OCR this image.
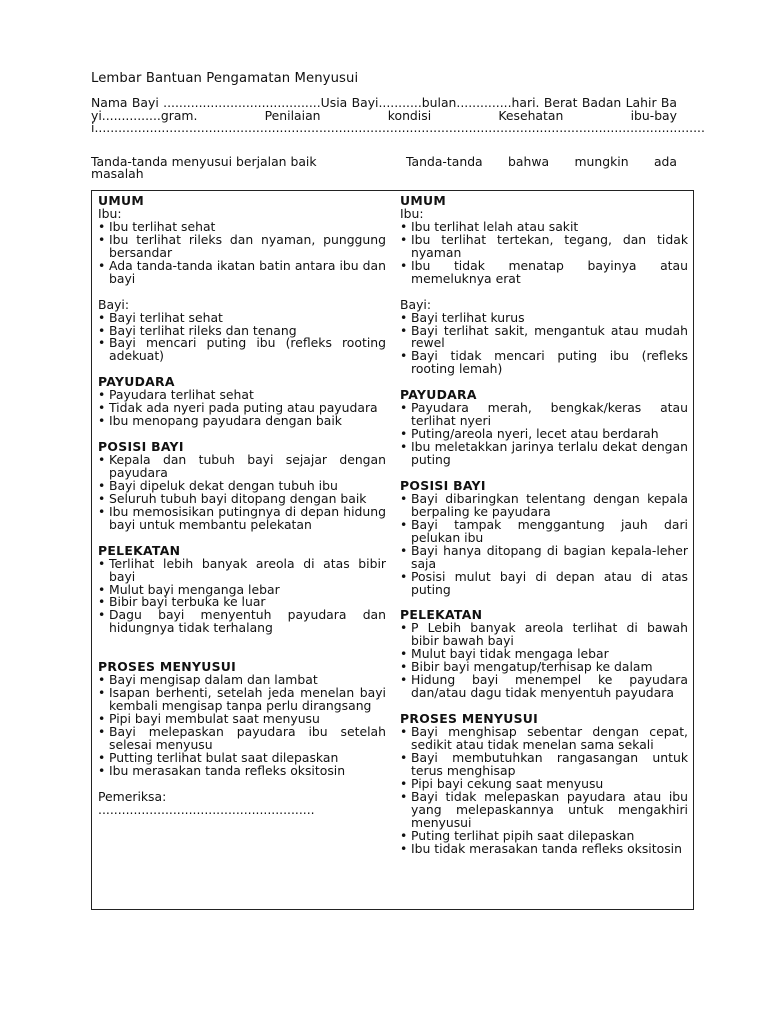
Lembar Bantuan Pengamatan Menyusui
Nama Bayi ........................................Usia Bayi...........bulan..............hari. Berat Badan Lahir Bayi...............gram. Penilaian kondisi Kesehatan ibu-bayi...........................................................................................................................................................
Tanda-tanda menyusui berjalan baik	Tanda-tanda bahwa mungkin ada
masalah
UMUM
Ibu:
• Ibu terlihat sehat
• Ibu terlihat rileks dan nyaman, punggung bersandar
• Ada tanda-tanda ikatan batin antara ibu dan bayi
Bayi:
• Bayi terlihat sehat
• Bayi terlihat rileks dan tenang
• Bayi mencari puting ibu (refleks rooting adekuat)
PAYUDARA
• Payudara terlihat sehat
• Tidak ada nyeri pada puting atau payudara
• Ibu menopang payudara dengan baik
POSISI BAYI
• Kepala dan tubuh bayi sejajar dengan payudara
• Bayi dipeluk dekat dengan tubuh ibu
• Seluruh tubuh bayi ditopang dengan baik
• Ibu memosisikan putingnya di depan hidung bayi untuk membantu pelekatan
PELEKATAN
• Terlihat lebih banyak areola di atas bibir bayi
• Mulut bayi menganga lebar
• Bibir bayi terbuka ke luar
• Dagu bayi menyentuh payudara dan hidungnya tidak terhalang
PROSES MENYUSUI
• Bayi mengisap dalam dan lambat
• Isapan berhenti, setelah jeda menelan bayi kembali mengisap tanpa perlu dirangsang
• Pipi bayi membulat saat menyusu
• Bayi melepaskan payudara ibu setelah selesai menyusu
• Putting terlihat bulat saat dilepaskan
• Ibu merasakan tanda refleks oksitosin
Pemeriksa:
.......................................................
UMUM
Ibu:
• Ibu terlihat lelah atau sakit
• Ibu terlihat tertekan, tegang, dan tidak nyaman
• Ibu tidak menatap bayinya atau memeluknya erat
Bayi:
• Bayi terlihat kurus
• Bayi terlihat sakit, mengantuk atau mudah rewel
• Bayi tidak mencari puting ibu (refleks rooting lemah)
PAYUDARA
• Payudara merah, bengkak/keras atau terlihat nyeri
• Puting/areola nyeri, lecet atau berdarah
• Ibu meletakkan jarinya terlalu dekat dengan puting
POSISI BAYI
• Bayi dibaringkan telentang dengan kepala berpaling ke payudara
• Bayi tampak menggantung jauh dari pelukan ibu
• Bayi hanya ditopang di bagian kepala-leher saja
• Posisi mulut bayi di depan atau di atas puting
PELEKATAN
• P Lebih banyak areola terlihat di bawah bibir bawah bayi
• Mulut bayi tidak mengaga lebar
• Bibir bayi mengatup/terhisap ke dalam
• Hidung bayi menempel ke payudara dan/atau dagu tidak menyentuh payudara
PROSES MENYUSUI
• Bayi menghisap sebentar dengan cepat, sedikit atau tidak menelan sama sekali
• Bayi membutuhkan rangasangan untuk terus menghisap
• Pipi bayi cekung saat menyusu
• Bayi tidak melepaskan payudara atau ibu yang melepaskannya untuk mengakhiri menyusui
• Puting terlihat pipih saat dilepaskan
• Ibu tidak merasakan tanda refleks oksitosin
